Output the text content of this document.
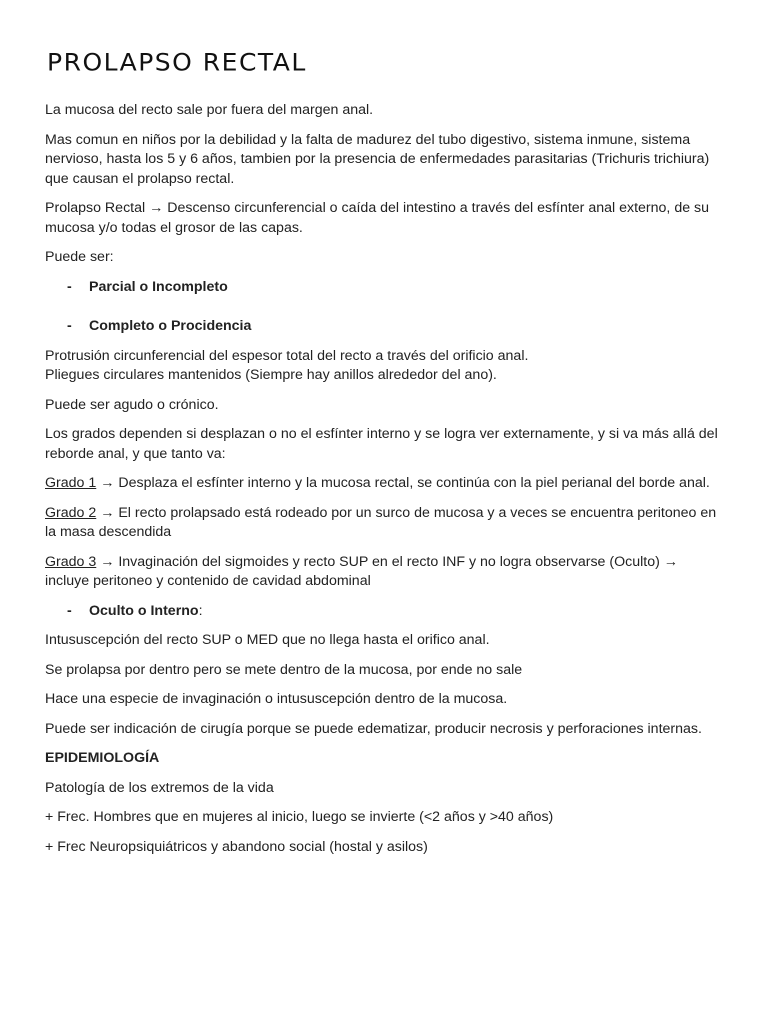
PROLAPSO RECTAL

La mucosa del recto sale por fuera del margen anal.

Mas comun en niños por la debilidad y la falta de madurez del tubo digestivo, sistema inmune, sistema nervioso, hasta los 5 y 6 años, tambien por la presencia de enfermedades parasitarias (Trichuris trichiura) que causan el prolapso rectal.

Prolapso Rectal → Descenso circunferencial o caída del intestino a través del esfínter anal externo, de su mucosa y/o todas el grosor de las capas.

Puede ser:

-	Parcial o Incompleto
-	Completo o Procidencia

Protrusión circunferencial del espesor total del recto a través del orificio anal.
Pliegues circulares mantenidos (Siempre hay anillos alrededor del ano).

Puede ser agudo o crónico.

Los grados dependen si desplazan o no el esfínter interno y se logra ver externamente, y si va más allá del reborde anal, y que tanto va:

Grado 1 → Desplaza el esfínter interno y la mucosa rectal, se continúa con la piel perianal del borde anal.

Grado 2 → El recto prolapsado está rodeado por un surco de mucosa y a veces se encuentra peritoneo en la masa descendida

Grado 3 → Invaginación del sigmoides y recto SUP en el recto INF y no logra observarse (Oculto) → incluye peritoneo y contenido de cavidad abdominal

-	Oculto o Interno:

Intususcepción del recto SUP o MED que no llega hasta el orifico anal.

Se prolapsa por dentro pero se mete dentro de la mucosa, por ende no sale

Hace una especie de invaginación o intususcepción dentro de la mucosa.

Puede ser indicación de cirugía porque se puede edematizar, producir necrosis y perforaciones internas.

EPIDEMIOLOGÍA

Patología de los extremos de la vida

+ Frec. Hombres que en mujeres al inicio, luego se invierte (<2 años y >40 años)

+ Frec Neuropsiquiátricos y abandono social (hostal y asilos)
